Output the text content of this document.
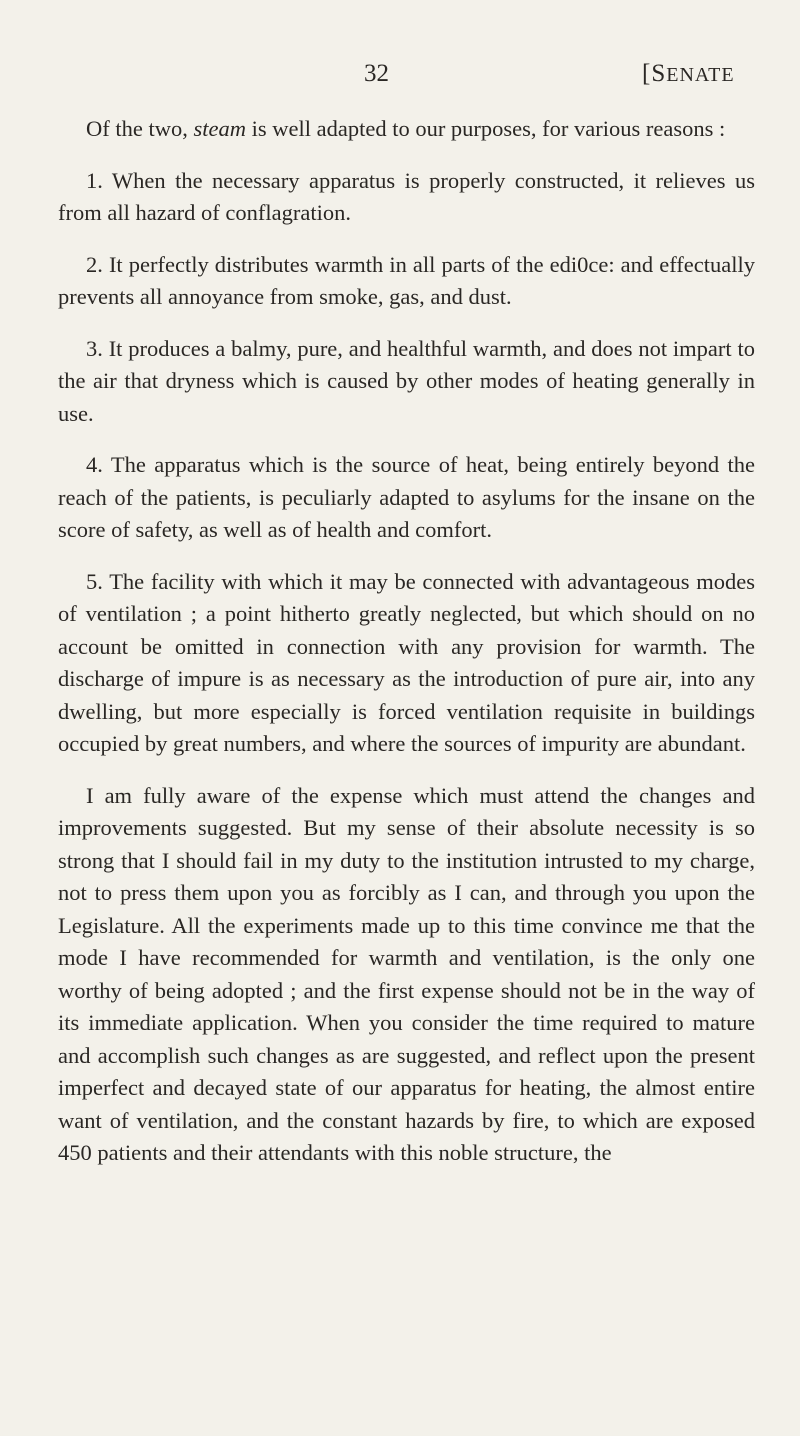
32	[SENATE

Of the two, steam is well adapted to our purposes, for various reasons :

1. When the necessary apparatus is properly constructed, it relieves us from all hazard of conflagration.

2. It perfectly distributes warmth in all parts of the edi0ce: and effectually prevents all annoyance from smoke, gas, and dust.

3. It produces a balmy, pure, and healthful warmth, and does not impart to the air that dryness which is caused by other modes of heating generally in use.

4. The apparatus which is the source of heat, being entirely beyond the reach of the patients, is peculiarly adapted to asylums for the insane on the score of safety, as well as of health and comfort.

5. The facility with which it may be connected with advantageous modes of ventilation ; a point hitherto greatly neglected, but which should on no account be omitted in connection with any provision for warmth. The discharge of impure is as necessary as the introduction of pure air, into any dwelling, but more especially is forced ventilation requisite in buildings occupied by great numbers, and where the sources of impurity are abundant.

I am fully aware of the expense which must attend the changes and improvements suggested. But my sense of their absolute necessity is so strong that I should fail in my duty to the institution intrusted to my charge, not to press them upon you as forcibly as I can, and through you upon the Legislature. All the experiments made up to this time convince me that the mode I have recommended for warmth and ventilation, is the only one worthy of being adopted ; and the first expense should not be in the way of its immediate application. When you consider the time required to mature and accomplish such changes as are suggested, and reflect upon the present imperfect and decayed state of our apparatus for heating, the almost entire want of ventilation, and the constant hazards by fire, to which are exposed 450 patients and their attendants with this noble structure, the
